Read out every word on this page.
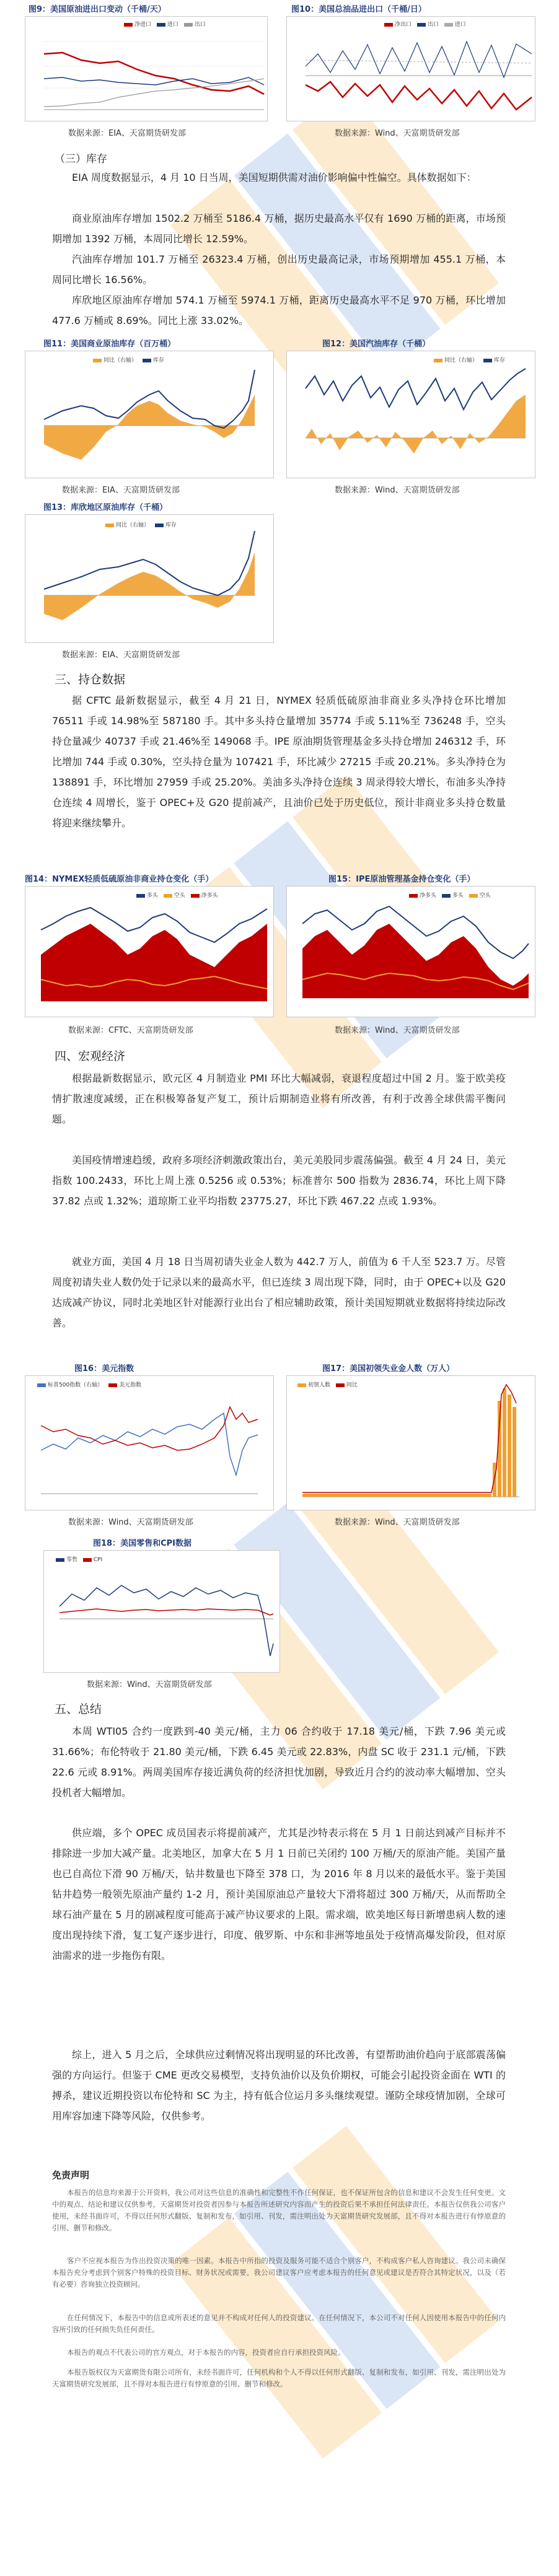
图9：美国原油进出口变动（千桶/天）	图10：美国总油品进出口（千桶/日）
净进口	进口	出口	净出口	出口	进口
数据来源：EIA、天富期货研发部	数据来源：Wind、天富期货研发部
（三）库存

EIA 周度数据显示，4 月 10 日当周，美国短期供需对油价影响偏中性偏空。具体数据如下：

商业原油库存增加 1502.2 万桶至 5186.4 万桶，据历史最高水平仅有 1690 万桶的距离，市场预期增加 1392 万桶，本周同比增长 12.59%。

汽油库存增加 101.7 万桶至 26323.4 万桶，创出历史最高记录，市场预期增加 455.1 万桶，本周同比增长 16.56%。

库欣地区原油库存增加 574.1 万桶至 5974.1 万桶，距离历史最高水平不足 970 万桶，环比增加 477.6 万桶或 8.69%。同比上涨 33.02%。

图11：美国商业原油库存（百万桶）	图12：美国汽油库存（千桶）
同比（右轴）	库存	同比（右轴）	库存
数据来源：EIA、天富期货研发部	数据来源：Wind、天富期货研发部
图13：库欣地区原油库存（千桶）
同比（右轴）	库存
数据来源：EIA、天富期货研发部
三、持仓数据

据 CFTC 最新数据显示，截至 4 月 21 日，NYMEX 轻质低硫原油非商业多头净持仓环比增加 76511 手或 14.98%至 587180 手。其中多头持仓量增加 35774 手或 5.11%至 736248 手，空头持仓量减少 40737 手或 21.46%至 149068 手。IPE 原油期货管理基金多头持仓增加 246312 手，环比增加 744 手或 0.30%，空头持仓量为 107421 手，环比减少 27215 手或 20.21%。多头净持仓为 138891 手，环比增加 27959 手或 25.20%。美油多头净持仓连续 3 周录得较大增长，布油多头净持仓连续 4 周增长，鉴于 OPEC+及 G20 提前减产，且油价已处于历史低位，预计非商业多头持仓数量将迎来继续攀升。

图14：NYMEX轻质低硫原油非商业持仓变化（手）	图15：IPE原油管理基金持仓变化（手）
多头	空头	净多头	净多头	多头	空头
数据来源：CFTC、天富期货研发部	数据来源：Wind、天富期货研发部
四、宏观经济

根据最新数据显示，欧元区 4 月制造业 PMI 环比大幅减弱，衰退程度超过中国 2 月。鉴于欧美疫情扩散速度减缓，正在积极筹备复产复工，预计后期制造业将有所改善，有利于改善全球供需平衡问题。

美国疫情增速趋缓，政府多项经济刺激政策出台，美元美股同步震荡偏强。截至 4 月 24 日，美元指数 100.2433，环比上周上涨 0.5256 或 0.53%；标准普尔 500 指数为 2836.74，环比上周下降 37.82 点或 1.32%；道琼斯工业平均指数 23775.27，环比下跌 467.22 点或 1.93%。

就业方面，美国 4 月 18 日当周初请失业金人数为 442.7 万人，前值为 6 千人至 523.7 万。尽管周度初请失业人数仍处于记录以来的最高水平，但已连续 3 周出现下降，同时，由于 OPEC+以及 G20 达成减产协议，同时北美地区针对能源行业出台了相应辅助政策，预计美国短期就业数据将持续边际改善。

图16：美元指数	图17：美国初领失业金人数（万人）
标普500指数（右轴）	美元指数	初领人数	同比
数据来源：Wind、天富期货研发部	数据来源：Wind、天富期货研发部
图18：美国零售和CPI数据
零售	CPI
数据来源：Wind、天富期货研发部
五、总结

本周 WTI05 合约一度跌到-40 美元/桶，主力 06 合约收于 17.18 美元/桶，下跌 7.96 美元或 31.66%；布伦特收于 21.80 美元/桶，下跌 6.45 美元或 22.83%，内盘 SC 收于 231.1 元/桶，下跌 22.6 元或 8.91%。两周美国库存接近满负荷的经济担忧加剧，导致近月合约的波动率大幅增加、空头投机者大幅增加。

供应端，多个 OPEC 成员国表示将提前减产，尤其是沙特表示将在 5 月 1 日前达到减产目标并不排除进一步加大减产量。北美地区，加拿大在 5 月 1 日前已关闭约 100 万桶/天的原油产能。美国产量也已自高位下滑 90 万桶/天，钻井数量也下降至 378 口，为 2016 年 8 月以来的最低水平。鉴于美国钻井趋势一般领先原油产量约 1-2 月，预计美国原油总产量较大下滑将超过 300 万桶/天，从而帮助全球石油产量在 5 月的剧减程度可能高于减产协议要求的上限。需求端，欧美地区每日新增患病人数的速度出现持续下滑，复工复产逐步进行，印度、俄罗斯、中东和非洲等地虽处于疫情高爆发阶段，但对原油需求的进一步拖伤有限。

综上，进入 5 月之后，全球供应过剩情况将出现明显的环比改善，有望帮助油价趋向于底部震荡偏强的方向运行。但鉴于 CME 更改交易模型，支持负油价以及负价期权，可能会引起投资金面在 WTI 的搏杀，建议近期投资以布伦特和 SC 为主，持有低合位运月多头继续观望。谨防全球疫情加剧，全球可用库容加速下降等风险，仅供参考。

免责声明

本报告的信息均来源于公开资料，我公司对这些信息的准确性和完整性不作任何保证，也不保证所包含的信息和建议不会发生任何变更。文中的观点、结论和建议仅供参考，天富期货对投资者因参与本报告所述研究内容而产生的投资后果不承担任何法律责任。本报告仅供我公司客户使用，未经书面许可，不得以任何形式翻版、复制和发布，如引用、刊发，需注明出处为天富期货研究发展部，且不得对本报告进行有悖原意的引用、删节和修改。

客户不应视本报告为作出投资决策的唯一因素。本报告中所指的投资及服务可能不适合个别客户，不构成客户私人咨询建议。我公司未确保本报告充分考虑到个别客户特殊的投资目标、财务状况或需要。我公司建议客户应考虑本报告的任何意见或建议是否符合其特定状况，以及（若有必要）咨询独立投资顾问。

在任何情况下，本报告中的信息或所表述的意见并不构成对任何人的投资建议。在任何情况下，本公司不对任何人因使用本报告中的任何内容所引致的任何损失负任何责任。

本报告的观点不代表公司的官方观点，对于本报告的内容，投资者应自行承担投资风险。

本报告版权仅为天富期货有限公司所有，未经书面许可，任何机构和个人不得以任何形式翻版、复制和发布，如引用、刊发，需注明出处为天富期货研究发展部，且不得对本报告进行有悖原意的引用、删节和修改。
